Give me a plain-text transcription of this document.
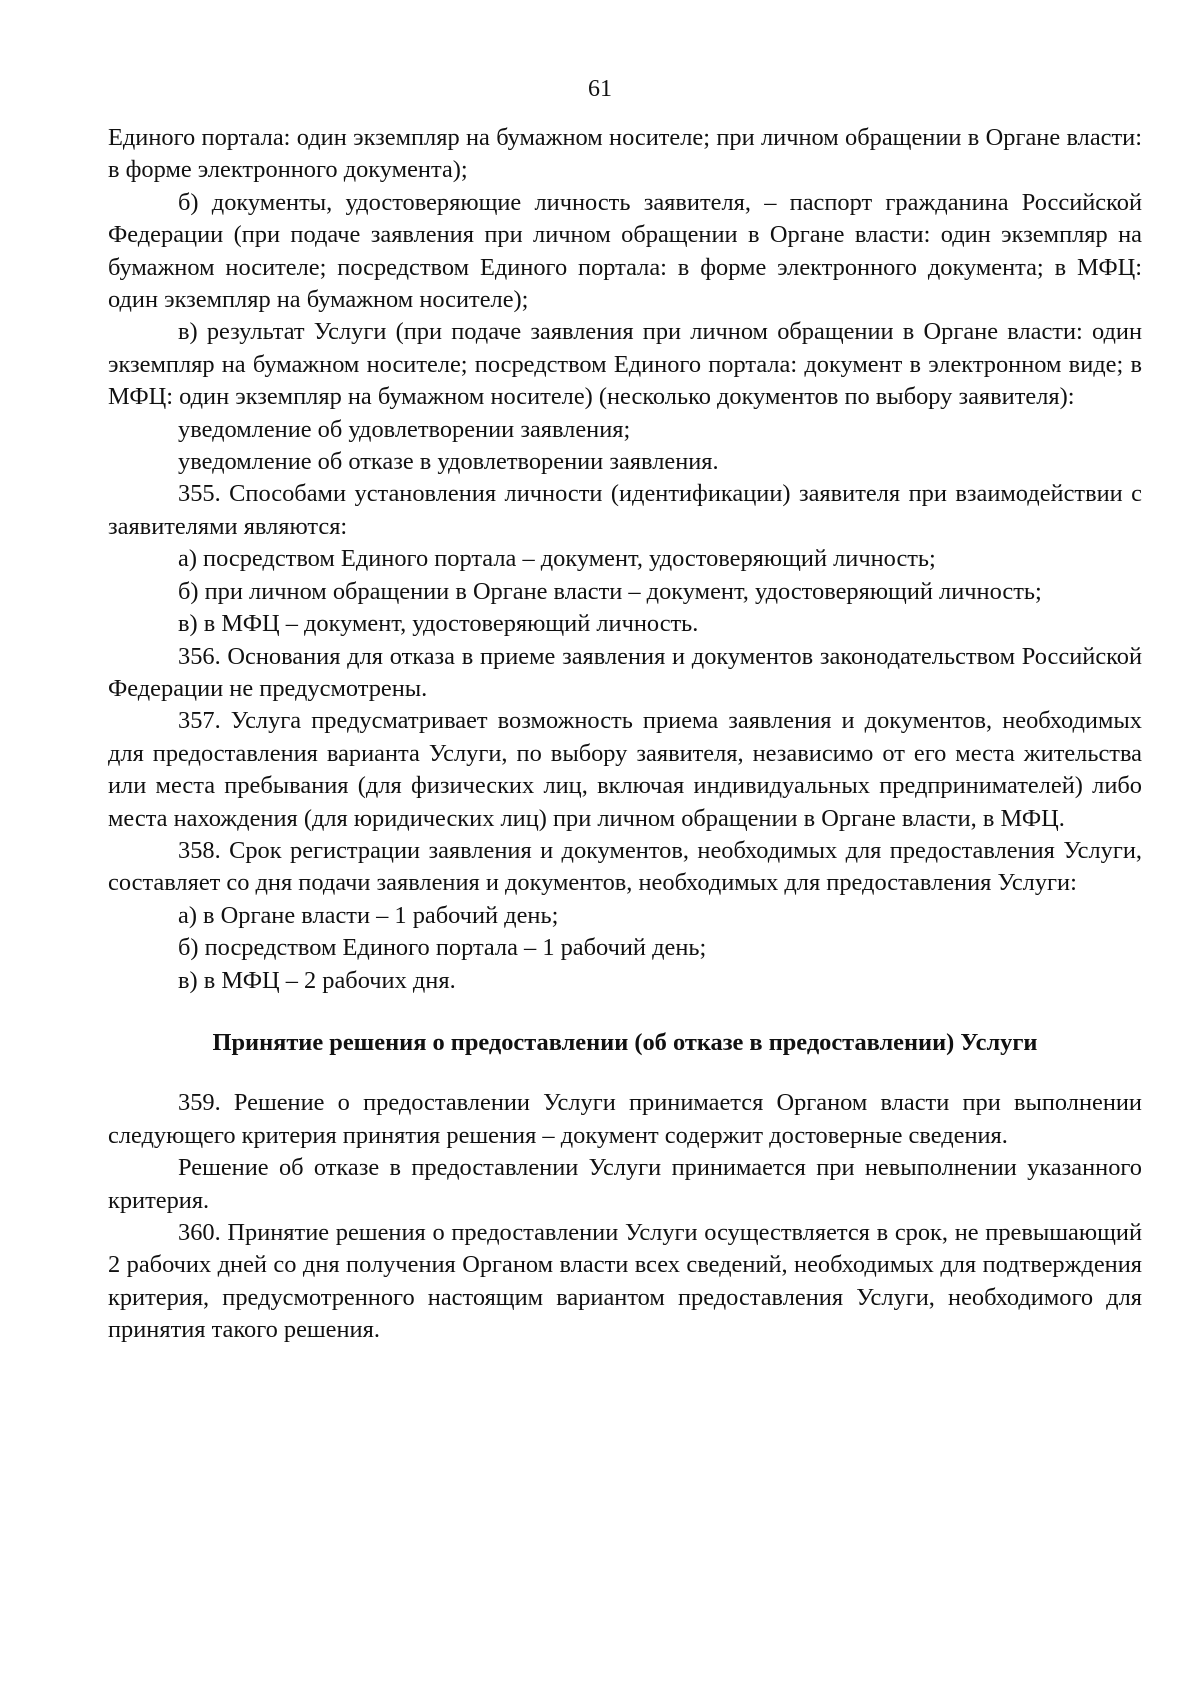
61

Единого портала: один экземпляр на бумажном носителе; при личном обращении в Органе власти: в форме электронного документа);

б) документы, удостоверяющие личность заявителя, – паспорт гражданина Российской Федерации (при подаче заявления при личном обращении в Органе власти: один экземпляр на бумажном носителе; посредством Единого портала: в форме электронного документа; в МФЦ: один экземпляр на бумажном носителе);

в) результат Услуги (при подаче заявления при личном обращении в Органе власти: один экземпляр на бумажном носителе; посредством Единого портала: документ в электронном виде; в МФЦ: один экземпляр на бумажном носителе) (несколько документов по выбору заявителя):

уведомление об удовлетворении заявления;

уведомление об отказе в удовлетворении заявления.

355. Способами установления личности (идентификации) заявителя при взаимодействии с заявителями являются:

а) посредством Единого портала – документ, удостоверяющий личность;

б) при личном обращении в Органе власти – документ, удостоверяющий личность;

в) в МФЦ – документ, удостоверяющий личность.

356. Основания для отказа в приеме заявления и документов законодательством Российской Федерации не предусмотрены.

357. Услуга предусматривает возможность приема заявления и документов, необходимых для предоставления варианта Услуги, по выбору заявителя, независимо от его места жительства или места пребывания (для физических лиц, включая индивидуальных предпринимателей) либо места нахождения (для юридических лиц) при личном обращении в Органе власти, в МФЦ.

358. Срок регистрации заявления и документов, необходимых для предоставления Услуги, составляет со дня подачи заявления и документов, необходимых для предоставления Услуги:

а) в Органе власти – 1 рабочий день;

б) посредством Единого портала – 1 рабочий день;

в) в МФЦ – 2 рабочих дня.

Принятие решения о предоставлении (об отказе в предоставлении) Услуги

359. Решение о предоставлении Услуги принимается Органом власти при выполнении следующего критерия принятия решения – документ содержит достоверные сведения.

Решение об отказе в предоставлении Услуги принимается при невыполнении указанного критерия.

360. Принятие решения о предоставлении Услуги осуществляется в срок, не превышающий 2 рабочих дней со дня получения Органом власти всех сведений, необходимых для подтверждения критерия, предусмотренного настоящим вариантом предоставления Услуги, необходимого для принятия такого решения.
